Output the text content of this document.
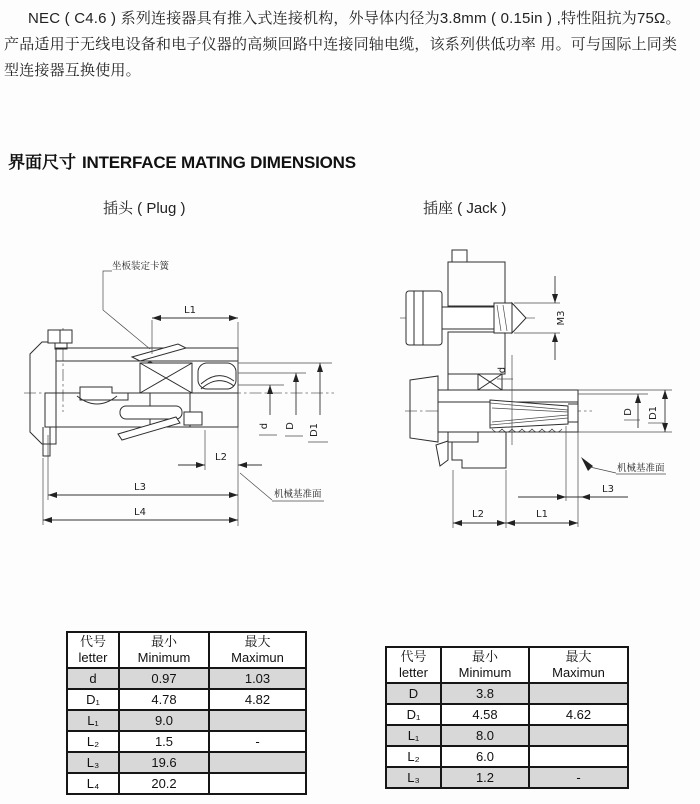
NEC ( C4.6 ) 系列连接器具有推入式连接机构，外导体内径为3.8mm ( 0.15in ) ,特性阻抗为75Ω。产品适用于无线电设备和电子仪器的高频回路中连接同轴电缆，该系列供低功率 用。可与国际上同类型连接器互换使用。

界面尺寸 INTERFACE MATING DIMENSIONS
插头 ( Plug )	插座 ( Jack )
L1
d D D1
L2
L3
L4
坐板装定卡簧
机械基准面
M3
d
D D1
L3
L2	L1
机械基准面
代号
letter

最小
Minimum

最大
Maximun

d	0.97	1.03
D₁	4.78	4.82
L₁	9.0	
L₂	1.5	-
L₃	19.6	
L₄	20.2	
代号
letter

最小
Minimum

最大
Maximun

D	3.8	
D₁	4.58	4.62
L₁	8.0	
L₂	6.0	
L₃	1.2	-
